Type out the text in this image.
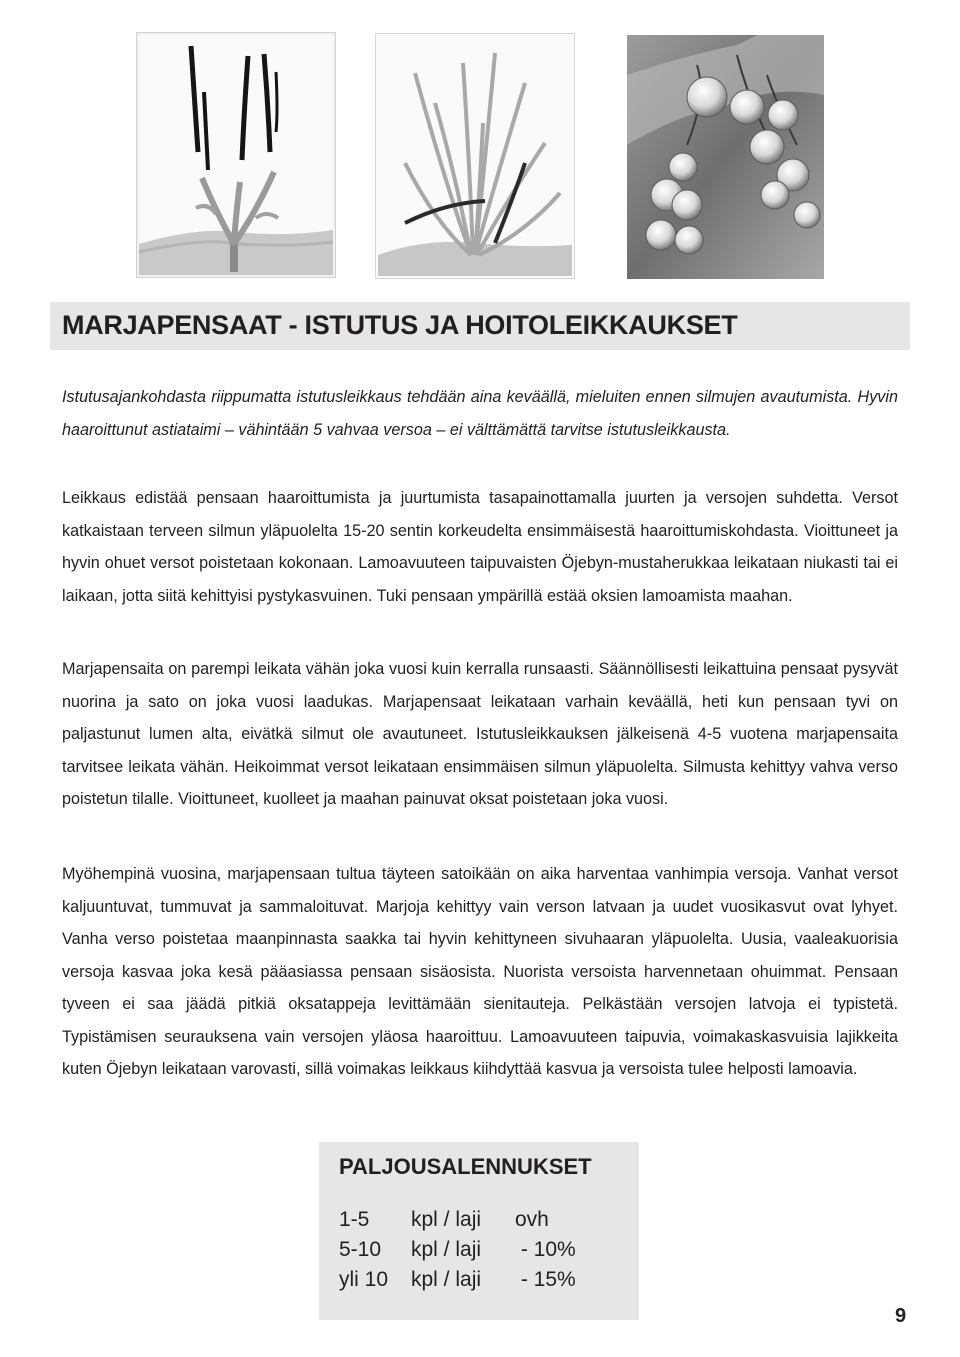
MARJAPENSAAT - ISTUTUS JA HOITOLEIKKAUKSET

Istutusajankohdasta riippumatta istutusleikkaus tehdään aina keväällä, mieluiten ennen silmujen avautumista. Hyvin haaroittunut astiataimi – vähintään 5 vahvaa versoa – ei välttämättä tarvitse istutusleikkausta.

Leikkaus edistää pensaan haaroittumista ja juurtumista tasapainottamalla juurten ja versojen suhdetta. Versot katkaistaan terveen silmun yläpuolelta 15-20 sentin korkeudelta ensimmäisestä haaroittumiskohdasta. Vioittuneet ja hyvin ohuet versot poistetaan kokonaan. Lamoavuuteen taipuvaisten Öjebyn-mustaherukkaa leikataan niukasti tai ei laikaan, jotta siitä kehittyisi pystykasvuinen. Tuki pensaan ympärillä estää oksien lamoamista maahan.

Marjapensaita on parempi leikata vähän joka vuosi kuin kerralla runsaasti. Säännöllisesti leikattuina pensaat pysyvät nuorina ja sato on joka vuosi laadukas. Marjapensaat leikataan varhain keväällä, heti kun pensaan tyvi on paljastunut lumen alta, eivätkä silmut ole avautuneet. Istutusleikkauksen jälkeisenä 4-5 vuotena marjapensaita tarvitsee leikata vähän. Heikoimmat versot leikataan ensimmäisen silmun yläpuolelta. Silmusta kehittyy vahva verso poistetun tilalle. Vioittuneet, kuolleet ja maahan painuvat oksat poistetaan joka vuosi.

Myöhempinä vuosina, marjapensaan tultua täyteen satoikään on aika harventaa vanhimpia versoja. Vanhat versot kaljuuntuvat, tummuvat ja sammaloituvat. Marjoja kehittyy vain verson latvaan ja uudet vuosikasvut ovat lyhyet. Vanha verso poistetaa maanpinnasta saakka tai hyvin kehittyneen sivuhaaran yläpuolelta. Uusia, vaaleakuorisia versoja kasvaa joka kesä pääasiassa pensaan sisäosista. Nuorista versoista harvennetaan ohuimmat. Pensaan tyveen ei saa jäädä pitkiä oksatappeja levittämään sienitauteja. Pelkästään versojen latvoja ei typistetä. Typistämisen seurauksena vain versojen yläosa haaroittuu. Lamoavuuteen taipuvia, voimakaskasvuisia lajikkeita kuten Öjebyn leikataan varovasti, sillä voimakas leikkaus kiihdyttää kasvua ja versoista tulee helposti lamoavia.

PALJOUSALENNUKSET
1-5 kpl / laji ovh
5-10 kpl / laji - 10%
yli 10 kpl / laji - 15%
9
